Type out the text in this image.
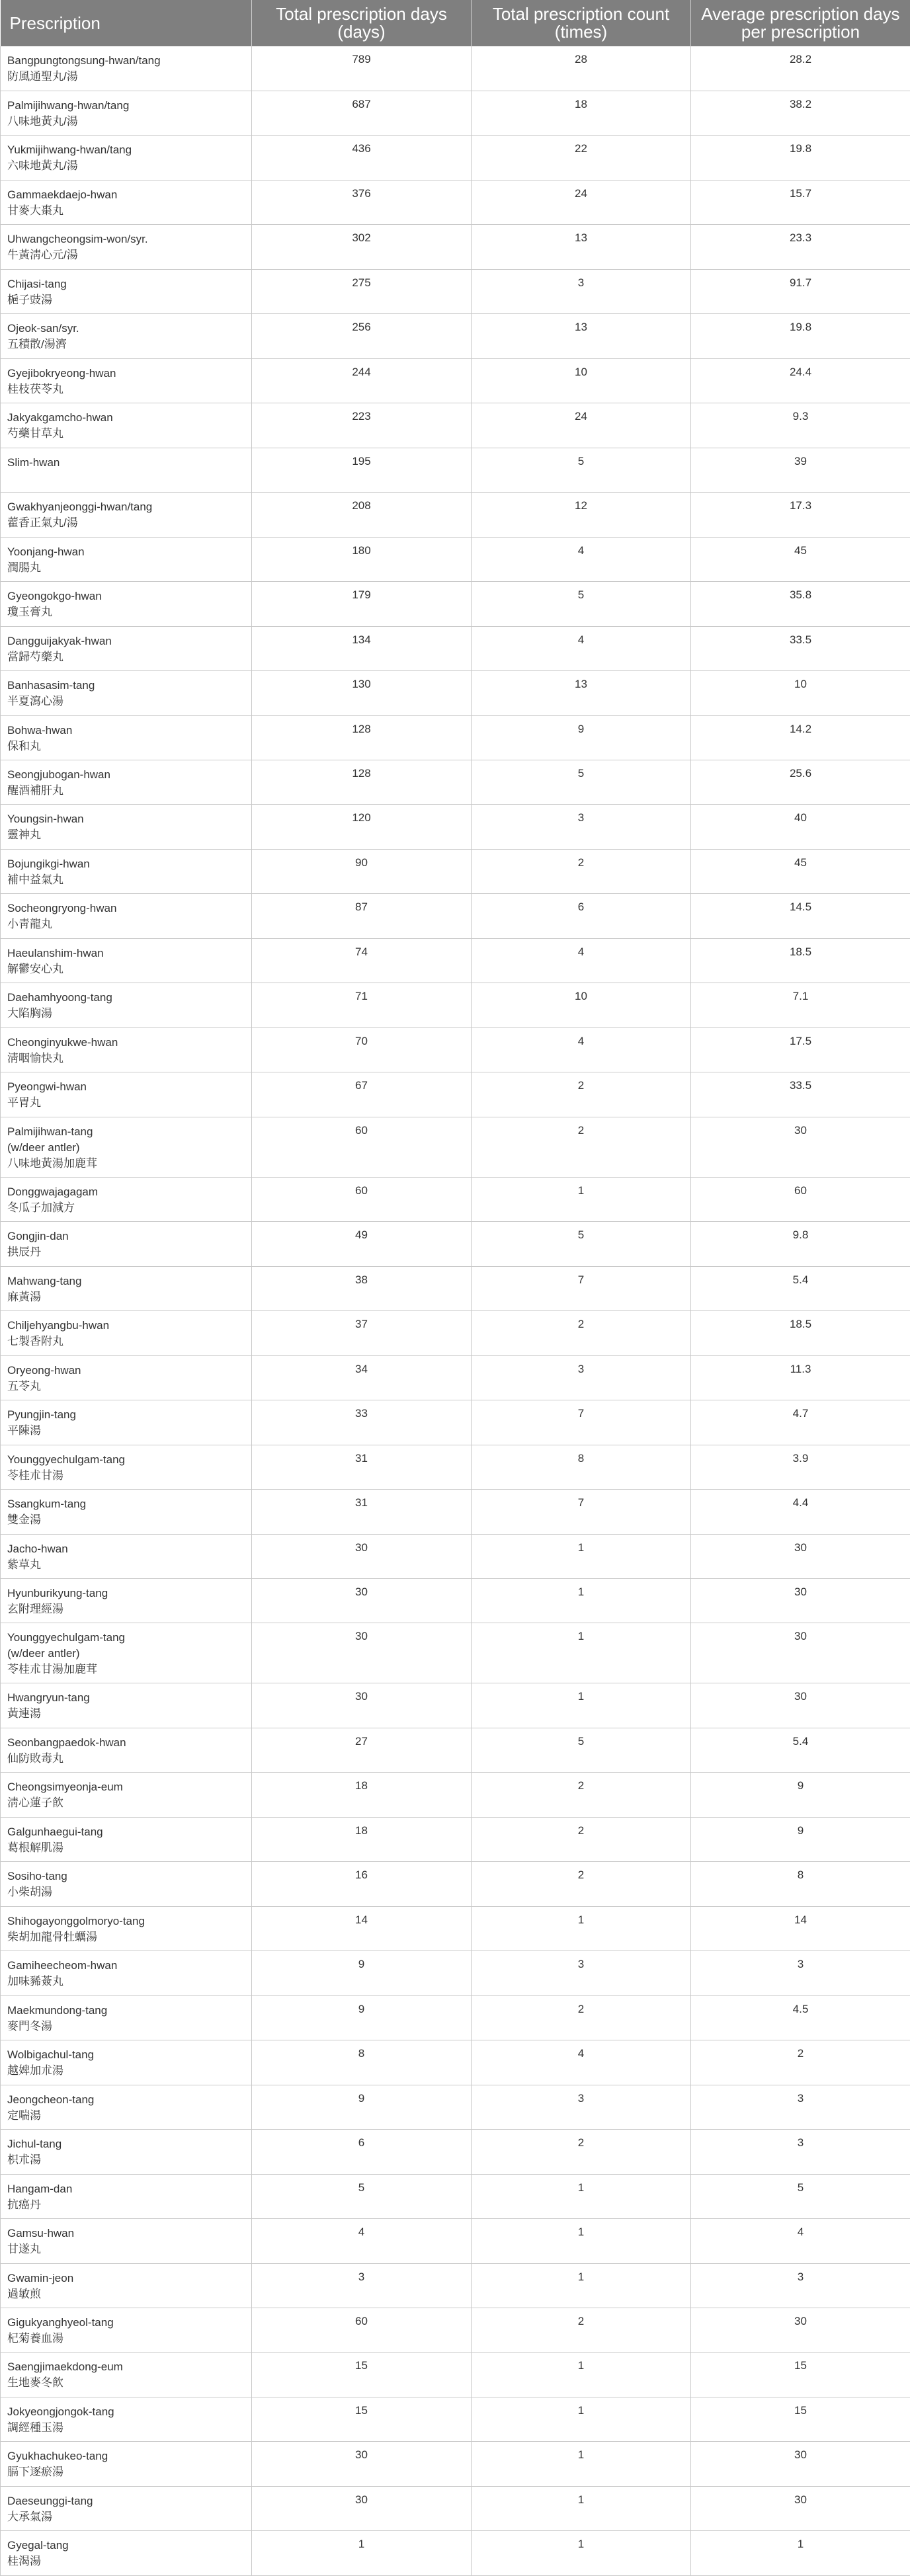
Prescription	Total prescription days (days)	Total prescription count (times)	Average prescription days per prescription

Bangpungtongsung-hwan/tang
防風通聖丸/湯	789	28	28.2

Palmijihwang-hwan/tang
八味地黃丸/湯	687	18	38.2

Yukmijihwang-hwan/tang
六味地黃丸/湯	436	22	19.8

Gammaekdaejo-hwan
甘麥大棗丸	376	24	15.7

Uhwangcheongsim-won/syr.
牛黃淸心元/湯	302	13	23.3

Chijasi-tang
梔子豉湯	275	3	91.7

Ojeok-san/syr.
五積散/湯濟	256	13	19.8

Gyejibokryeong-hwan
桂枝茯苓丸	244	10	24.4

Jakyakgamcho-hwan
芍藥甘草丸	223	24	9.3

Slim-hwan	195	5	39

Gwakhyanjeonggi-hwan/tang
藿香正氣丸/湯	208	12	17.3

Yoonjang-hwan
潤腸丸	180	4	45

Gyeongokgo-hwan
瓊玉膏丸	179	5	35.8

Dangguijakyak-hwan
當歸芍藥丸	134	4	33.5

Banhasasim-tang
半夏瀉心湯	130	13	10

Bohwa-hwan
保和丸	128	9	14.2

Seongjubogan-hwan
醒酒補肝丸	128	5	25.6

Youngsin-hwan
靈神丸	120	3	40

Bojungikgi-hwan
補中益氣丸	90	2	45

Socheongryong-hwan
小靑龍丸	87	6	14.5

Haeulanshim-hwan
解鬱安心丸	74	4	18.5

Daehamhyoong-tang
大陷胸湯	71	10	7.1

Cheonginyukwe-hwan
淸咽愉快丸	70	4	17.5

Pyeongwi-hwan
平胃丸	67	2	33.5

Palmijihwan-tang
(w/deer antler)
八味地黃湯加鹿茸	60	2	30

Donggwajagagam
冬瓜子加減方	60	1	60

Gongjin-dan
拱辰丹	49	5	9.8

Mahwang-tang
麻黃湯	38	7	5.4

Chiljehyangbu-hwan
七製香附丸	37	2	18.5

Oryeong-hwan
五苓丸	34	3	11.3

Pyungjin-tang
平陳湯	33	7	4.7

Younggyechulgam-tang
苓桂朮甘湯	31	8	3.9

Ssangkum-tang
雙金湯	31	7	4.4

Jacho-hwan
紫草丸	30	1	30

Hyunburikyung-tang
玄附理經湯	30	1	30

Younggyechulgam-tang
(w/deer antler)
苓桂朮甘湯加鹿茸	30	1	30

Hwangryun-tang
黃連湯	30	1	30

Seonbangpaedok-hwan
仙防敗毒丸	27	5	5.4

Cheongsimyeonja-eum
淸心蓮子飮	18	2	9

Galgunhaegui-tang
葛根解肌湯	18	2	9

Sosiho-tang
小柴胡湯	16	2	8

Shihogayonggolmoryo-tang
柴胡加龍骨牡蠣湯	14	1	14

Gamiheecheom-hwan
加味豨薟丸	9	3	3

Maekmundong-tang
麥門冬湯	9	2	4.5

Wolbigachul-tang
越婢加朮湯	8	4	2

Jeongcheon-tang
定喘湯	9	3	3

Jichul-tang
枳朮湯	6	2	3

Hangam-dan
抗癌丹	5	1	5

Gamsu-hwan
甘遂丸	4	1	4

Gwamin-jeon
過敏煎	3	1	3

Gigukyanghyeol-tang
杞菊養血湯	60	2	30

Saengjimaekdong-eum
生地麥冬飮	15	1	15

Jokyeongjongok-tang
調經種玉湯	15	1	15

Gyukhachukeo-tang
膈下逐瘀湯	30	1	30

Daeseunggi-tang
大承氣湯	30	1	30

Gyegal-tang
桂渴湯	1	1	1
